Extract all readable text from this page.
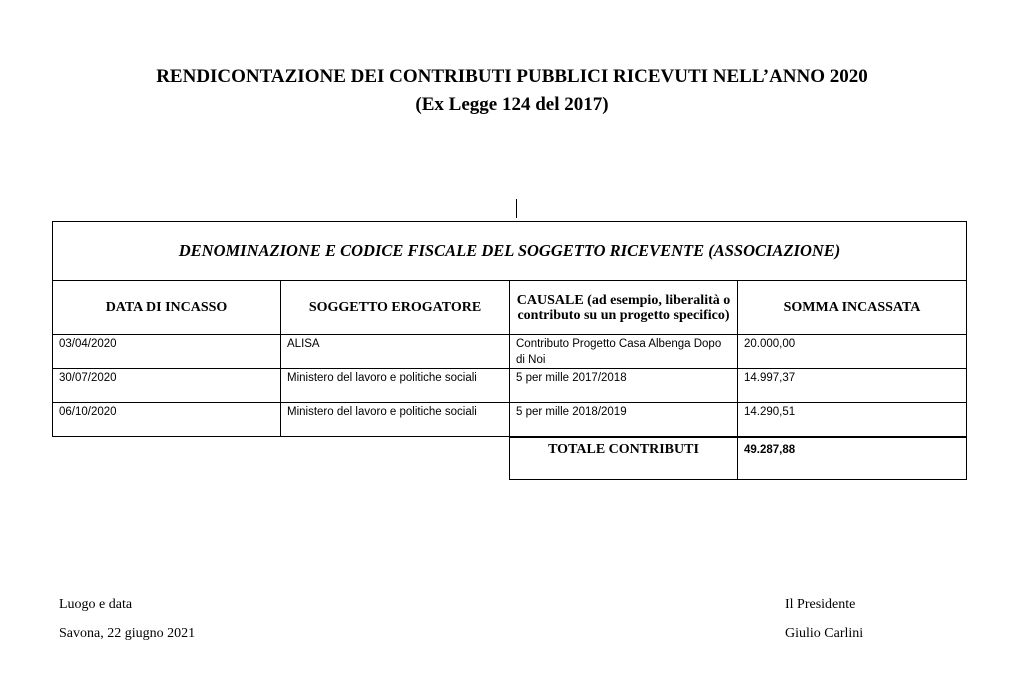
RENDICONTAZIONE DEI CONTRIBUTI PUBBLICI RICEVUTI NELL’ANNO 2020
(Ex Legge 124 del 2017)
DENOMINAZIONE E CODICE FISCALE DEL SOGGETTO RICEVENTE (ASSOCIAZIONE)			
DATA DI INCASSO	SOGGETTO EROGATORE	CAUSALE (ad esempio, liberalità o contributo su un progetto specifico)	SOMMA INCASSATA
03/04/2020	ALISA	Contributo Progetto Casa Albenga Dopo di Noi	20.000,00
30/07/2020	Ministero del lavoro e politiche sociali	5 per mille 2017/2018	14.997,37
06/10/2020	Ministero del lavoro e politiche sociali	5 per mille 2018/2019	14.290,51
TOTALE CONTRIBUTI	49.287,88
Luogo e data
Savona, 22 giugno 2021
Il Presidente
Giulio Carlini
